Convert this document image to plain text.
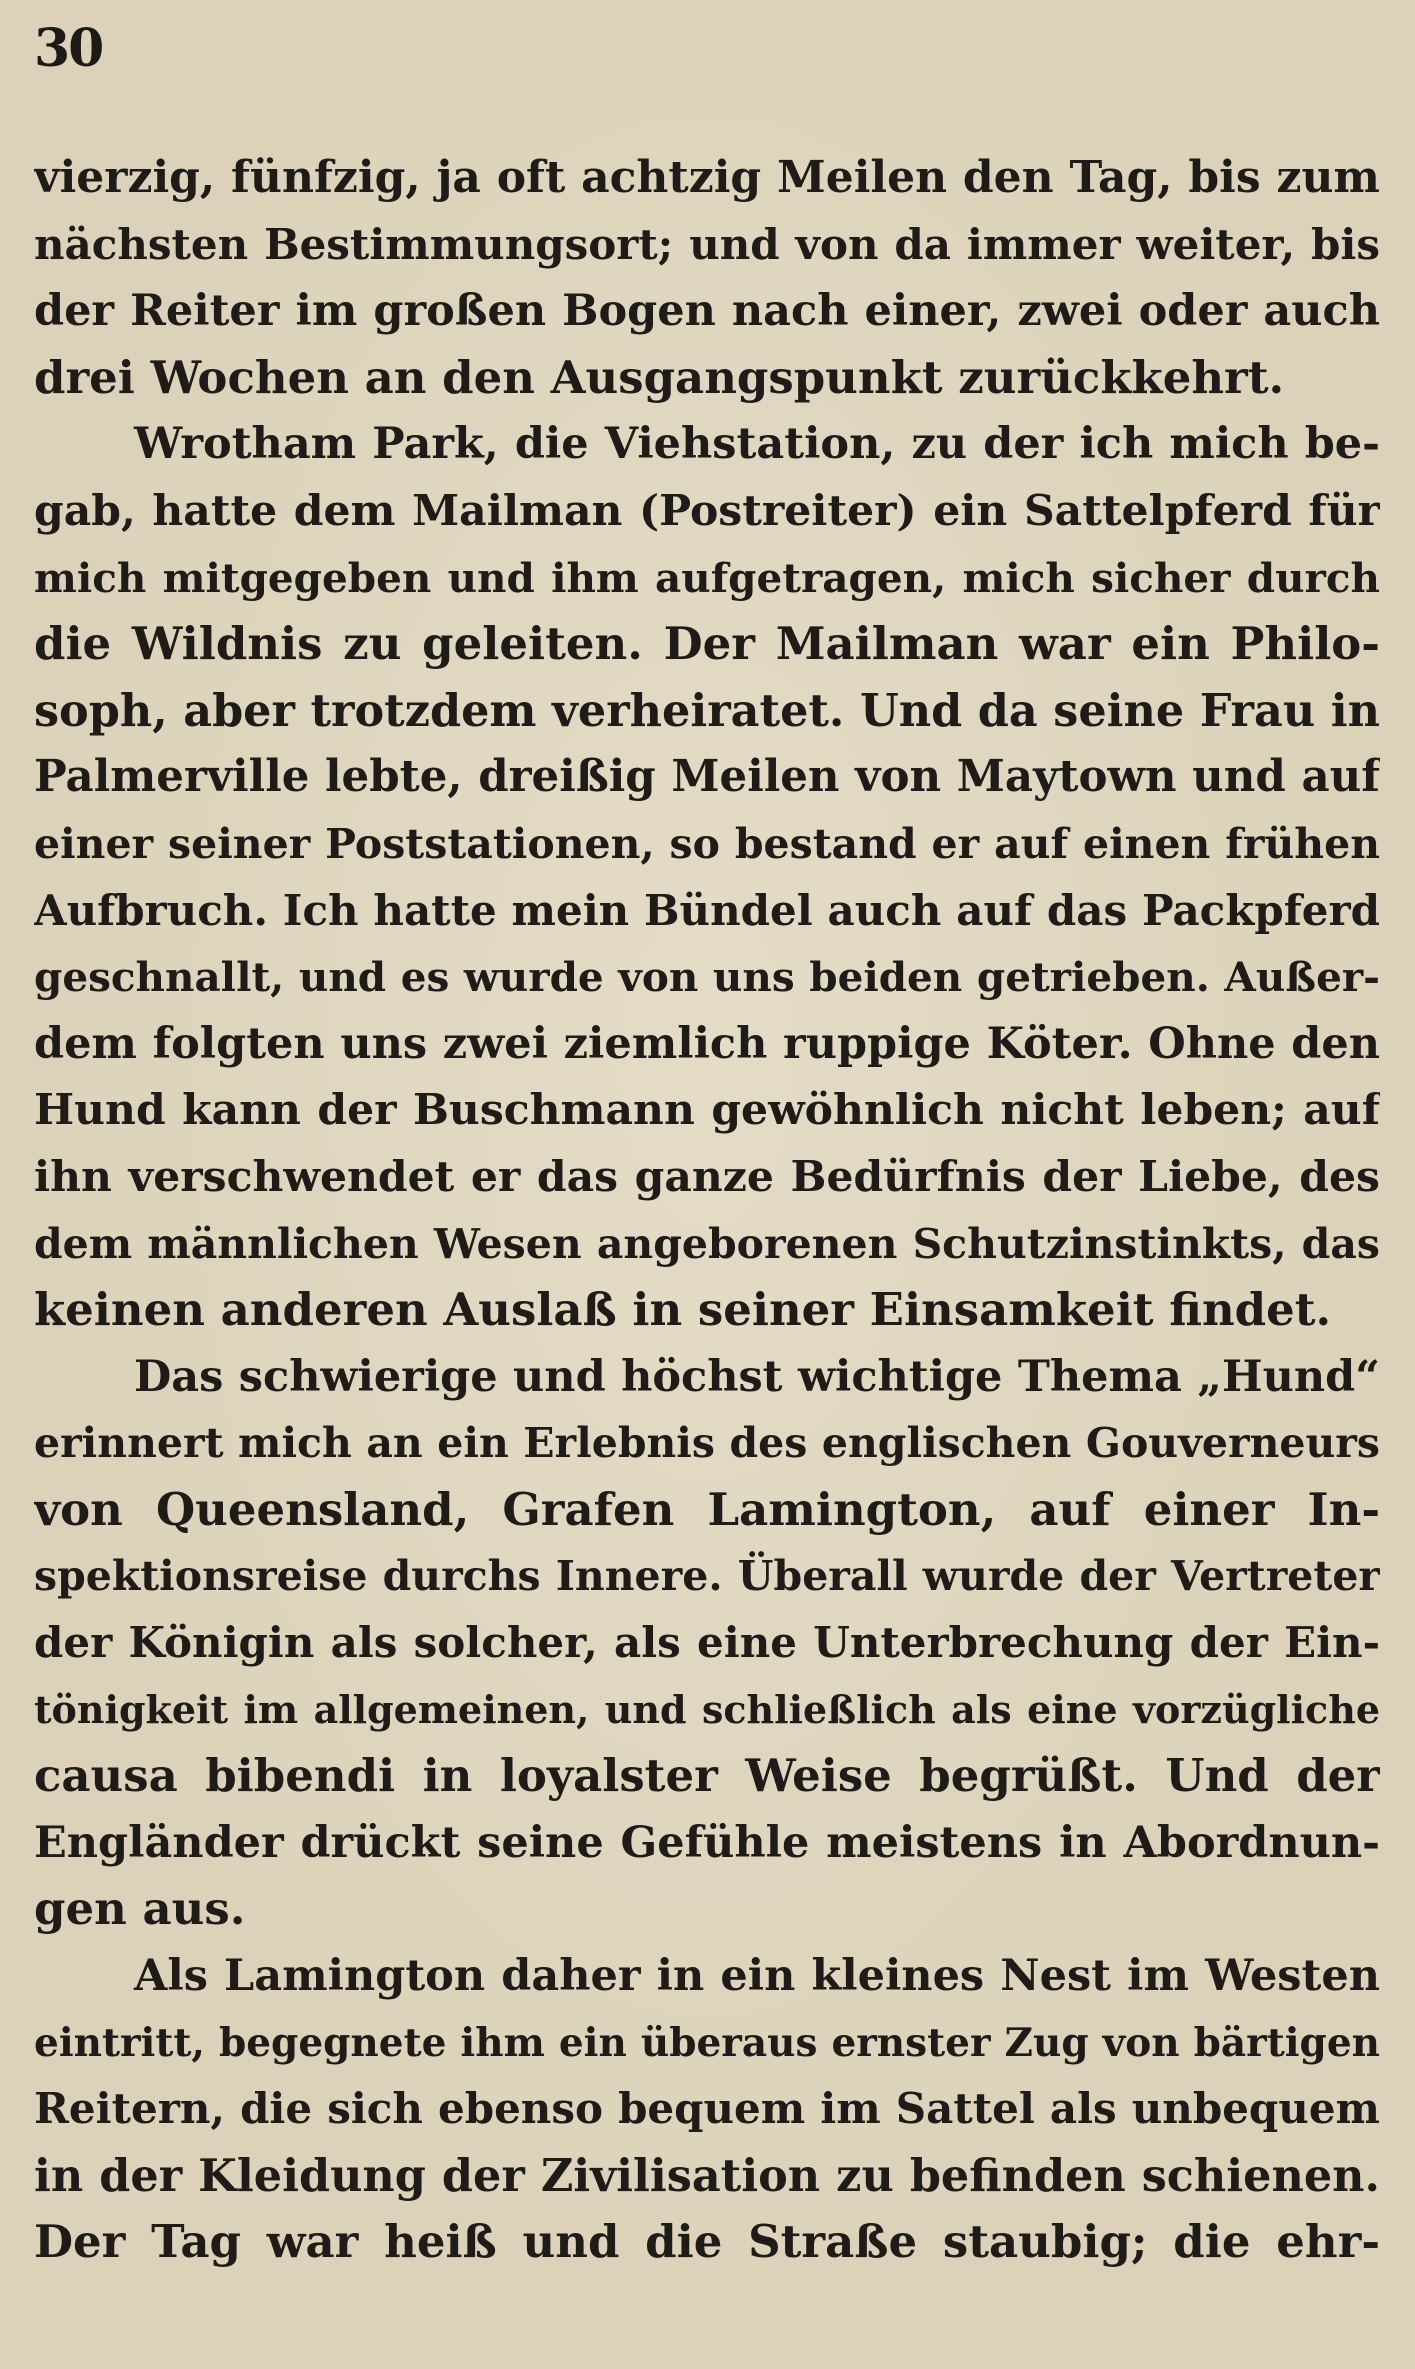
30
vierzig, fünfzig, ja oft achtzig Meilen den Tag, bis zum
nächsten Bestimmungsort; und von da immer weiter, bis
der Reiter im großen Bogen nach einer, zwei oder auch
drei Wochen an den Ausgangspunkt zurückkehrt.
Wrotham Park, die Viehstation, zu der ich mich be-
gab, hatte dem Mailman (Postreiter) ein Sattelpferd für
mich mitgegeben und ihm aufgetragen, mich sicher durch
die Wildnis zu geleiten. Der Mailman war ein Philo-
soph, aber trotzdem verheiratet. Und da seine Frau in
Palmerville lebte, dreißig Meilen von Maytown und auf
einer seiner Poststationen, so bestand er auf einen frühen
Aufbruch. Ich hatte mein Bündel auch auf das Packpferd
geschnallt, und es wurde von uns beiden getrieben. Außer-
dem folgten uns zwei ziemlich ruppige Köter. Ohne den
Hund kann der Buschmann gewöhnlich nicht leben; auf
ihn verschwendet er das ganze Bedürfnis der Liebe, des
dem männlichen Wesen angeborenen Schutzinstinkts, das
keinen anderen Auslaß in seiner Einsamkeit findet.
Das schwierige und höchst wichtige Thema „Hund“
erinnert mich an ein Erlebnis des englischen Gouverneurs
von Queensland, Grafen Lamington, auf einer In-
spektionsreise durchs Innere. Überall wurde der Vertreter
der Königin als solcher, als eine Unterbrechung der Ein-
tönigkeit im allgemeinen, und schließlich als eine vorzügliche
causa bibendi in loyalster Weise begrüßt. Und der
Engländer drückt seine Gefühle meistens in Abordnun-
gen aus.
Als Lamington daher in ein kleines Nest im Westen
eintritt, begegnete ihm ein überaus ernster Zug von bärtigen
Reitern, die sich ebenso bequem im Sattel als unbequem
in der Kleidung der Zivilisation zu befinden schienen.
Der Tag war heiß und die Straße staubig; die ehr-
